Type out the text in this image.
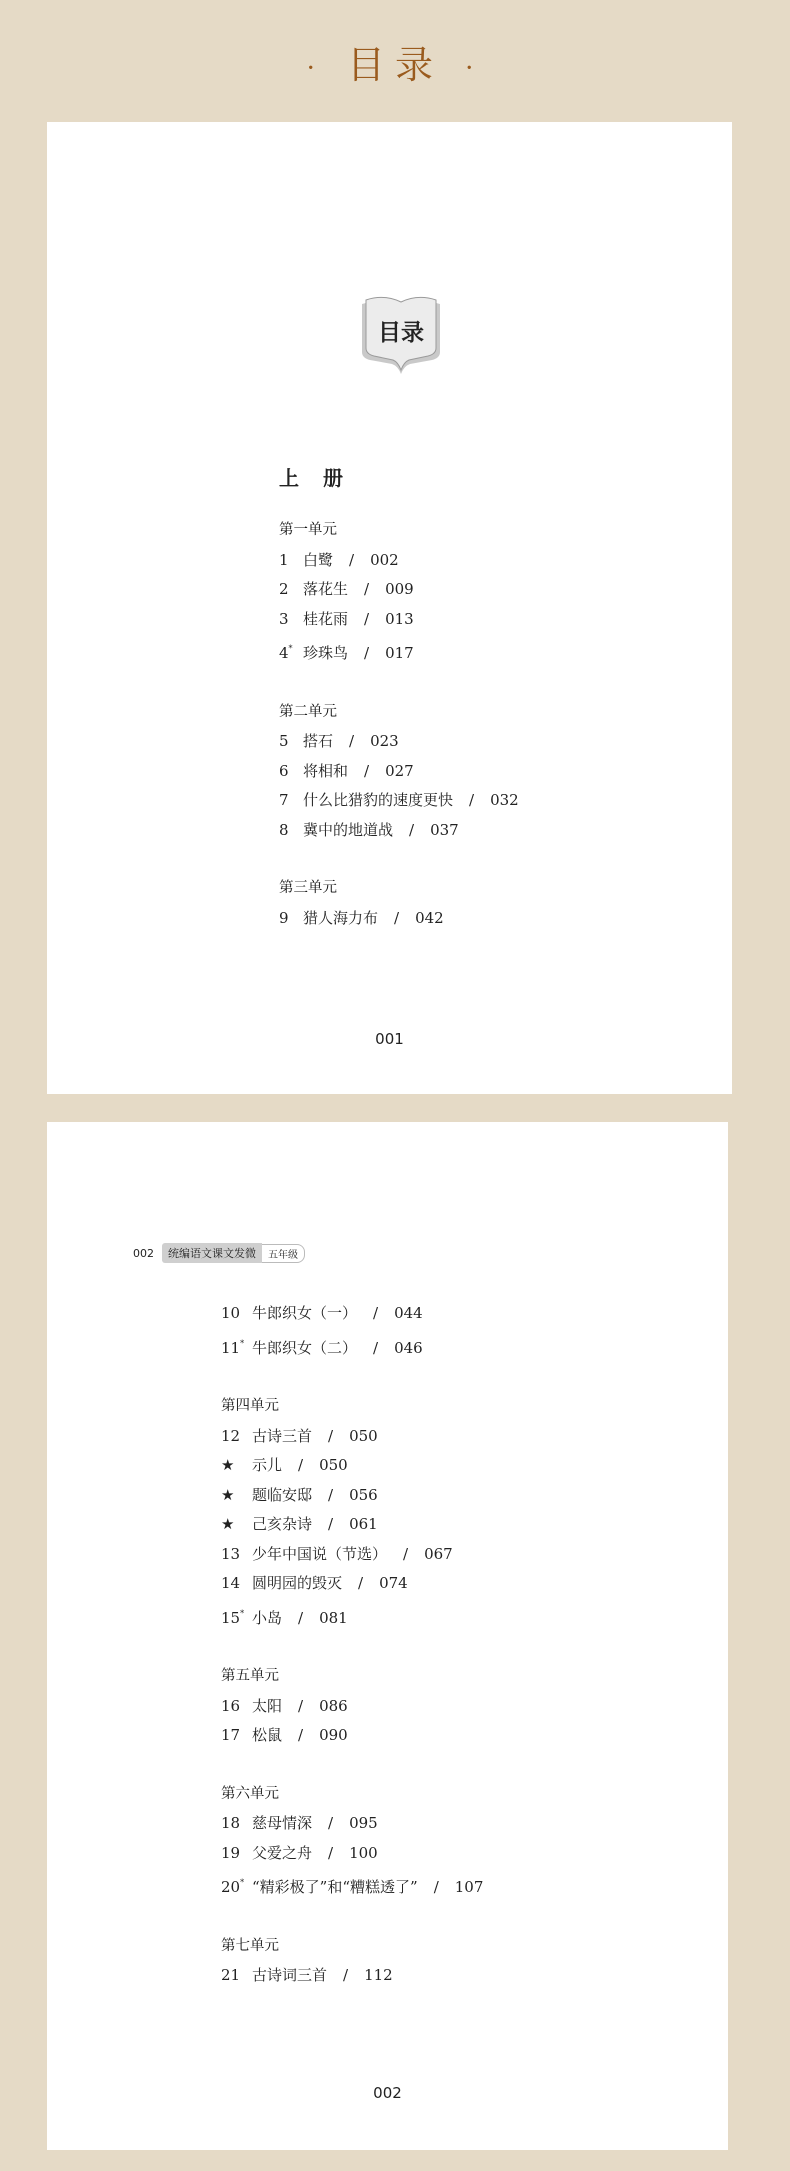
· 目录 ·
目录
上　册
第一单元
1 白鹭 / 002
2 落花生 / 009
3 桂花雨 / 013
4* 珍珠鸟 / 017
第二单元
5 搭石 / 023
6 将相和 / 027
7 什么比猎豹的速度更快 / 032
8 冀中的地道战 / 037
第三单元
9 猎人海力布 / 042
001
002	统编语文课文发微	五年级
10 牛郎织女（一） / 044
11* 牛郎织女（二） / 046
第四单元
12 古诗三首 / 050
★ 示儿 / 050
★ 题临安邸 / 056
★ 己亥杂诗 / 061
13 少年中国说（节选） / 067
14 圆明园的毁灭 / 074
15* 小岛 / 081
第五单元
16 太阳 / 086
17 松鼠 / 090
第六单元
18 慈母情深 / 095
19 父爱之舟 / 100
20* “精彩极了”和“糟糕透了” / 107
第七单元
21 古诗词三首 / 112
002
